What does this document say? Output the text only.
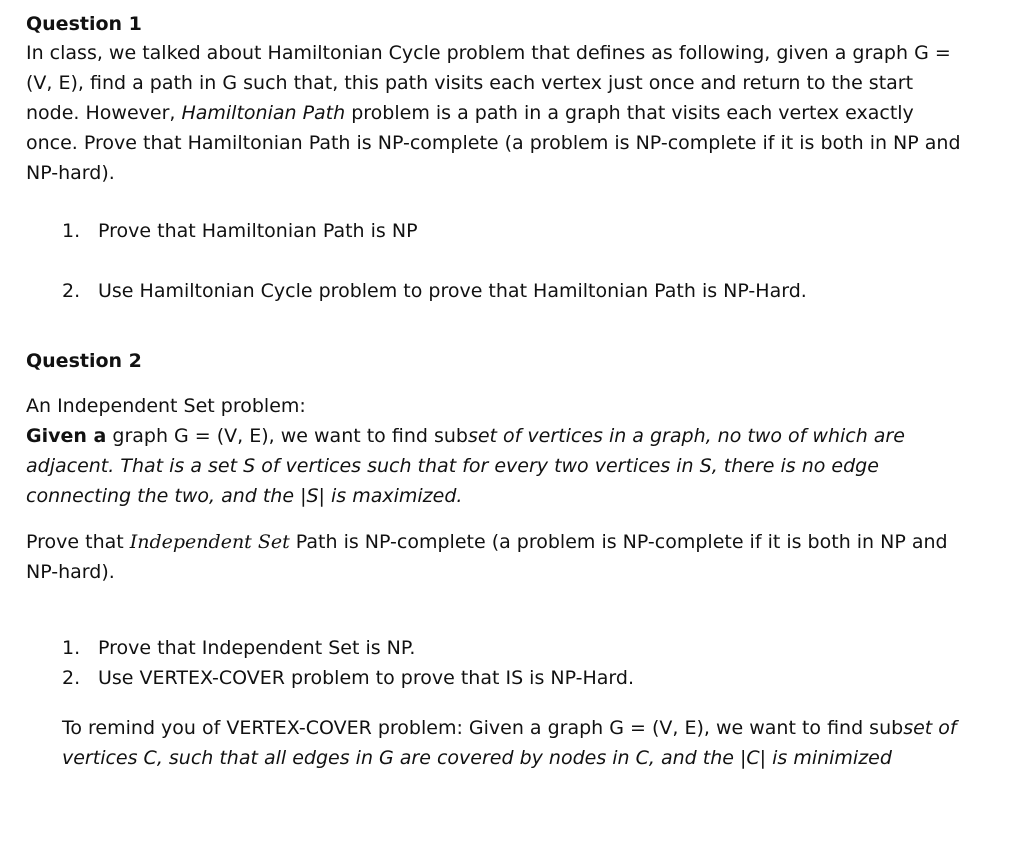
Question 1

In class, we talked about Hamiltonian Cycle problem that defines as following, given a graph G = (V, E), find a path in G such that, this path visits each vertex just once and return to the start node. However, Hamiltonian Path problem is a path in a graph that visits each vertex exactly once. Prove that Hamiltonian Path is NP-complete (a problem is NP-complete if it is both in NP and NP-hard).

1. Prove that Hamiltonian Path is NP
2. Use Hamiltonian Cycle problem to prove that Hamiltonian Path is NP-Hard.
Question 2

An Independent Set problem:

Given a graph G = (V, E), we want to find subset of vertices in a graph, no two of which are adjacent. That is a set S of vertices such that for every two vertices in S, there is no edge connecting the two, and the |S| is maximized.

Prove that Independent Set Path is NP-complete (a problem is NP-complete if it is both in NP and NP-hard).

1. Prove that Independent Set is NP.
2. Use VERTEX-COVER problem to prove that IS is NP-Hard.

To remind you of VERTEX-COVER problem: Given a graph G = (V, E), we want to find subset of vertices C, such that all edges in G are covered by nodes in C, and the |C| is minimized
